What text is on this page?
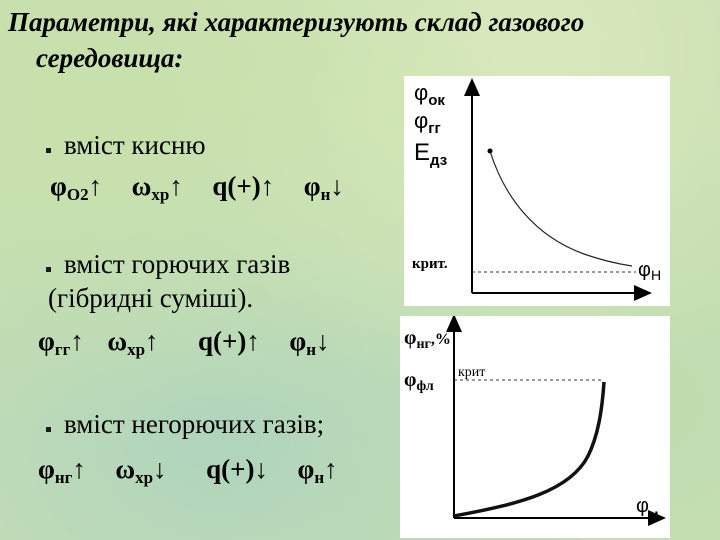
Параметри, які характеризують склад газового
середовища:
вміст кисню
$\varphi_{O2}↑$ $\omega_{хр}↑$ q(+)↑ $\varphi_н↓$
вміст горючих газів
(гібридні суміші).
$\varphi_{гг}↑$ $\omega_{хр}↑$ q(+)↑ $\varphi_н↓$
вміст негорючих газів;
$\varphi_{нг}↑$ $\omega_{хр}↓$ q(+)↓ $\varphi_н↑$
$\varphi_{ок}$
$\varphi_{гг}$
$Е_{дз}$
крит.	$\varphi_Н$
$\varphi_{нг}^{,\%}$
$\varphi_{фл}$
крит
$\varphi_н$
